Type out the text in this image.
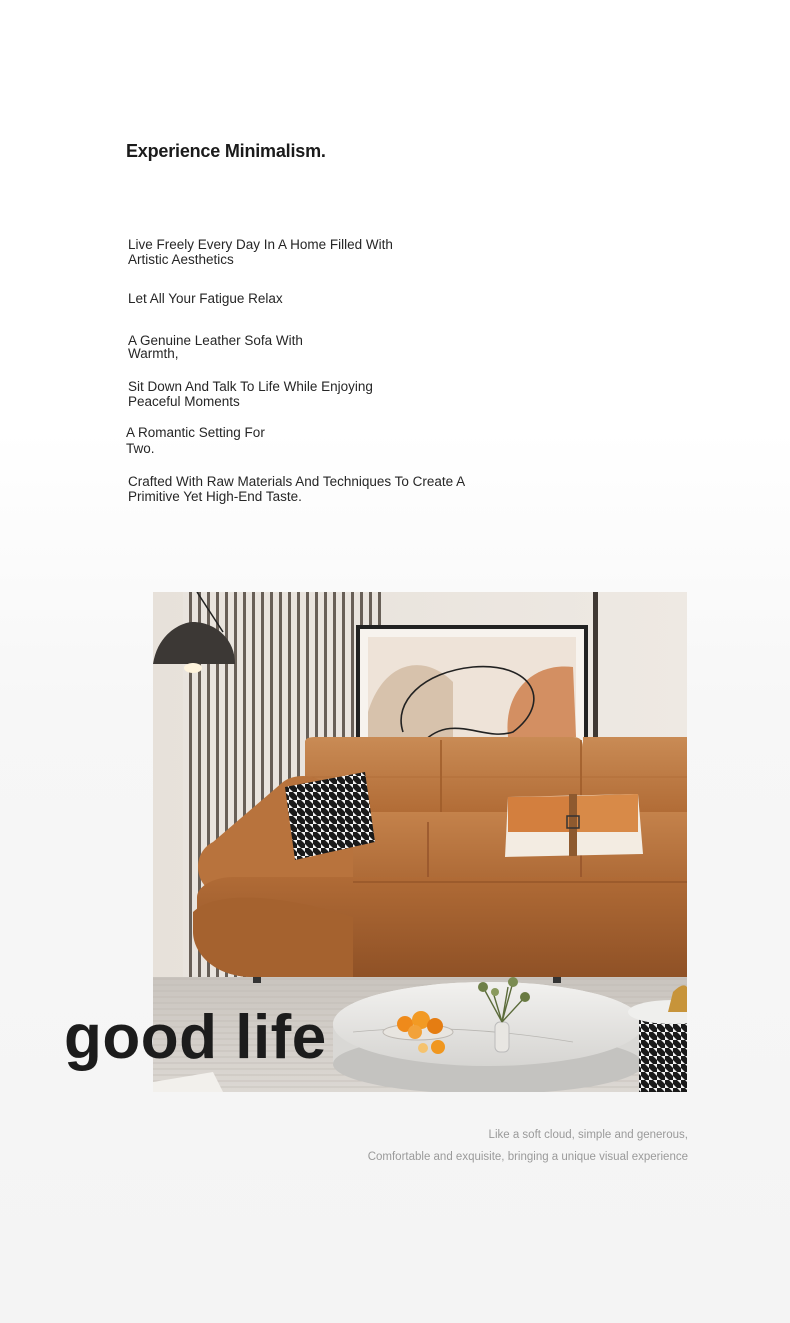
Experience Minimalism.
Live Freely Every Day In A Home Filled With
Artistic Aesthetics
Let All Your Fatigue Relax
A Genuine Leather Sofa With
Warmth,
Sit Down And Talk To Life While Enjoying
Peaceful Moments
A Romantic Setting For
Two.
Crafted With Raw Materials And Techniques To Create A
Primitive Yet High-End Taste.
good life

Like a soft cloud, simple and generous,

Comfortable and exquisite, bringing a unique visual experience
